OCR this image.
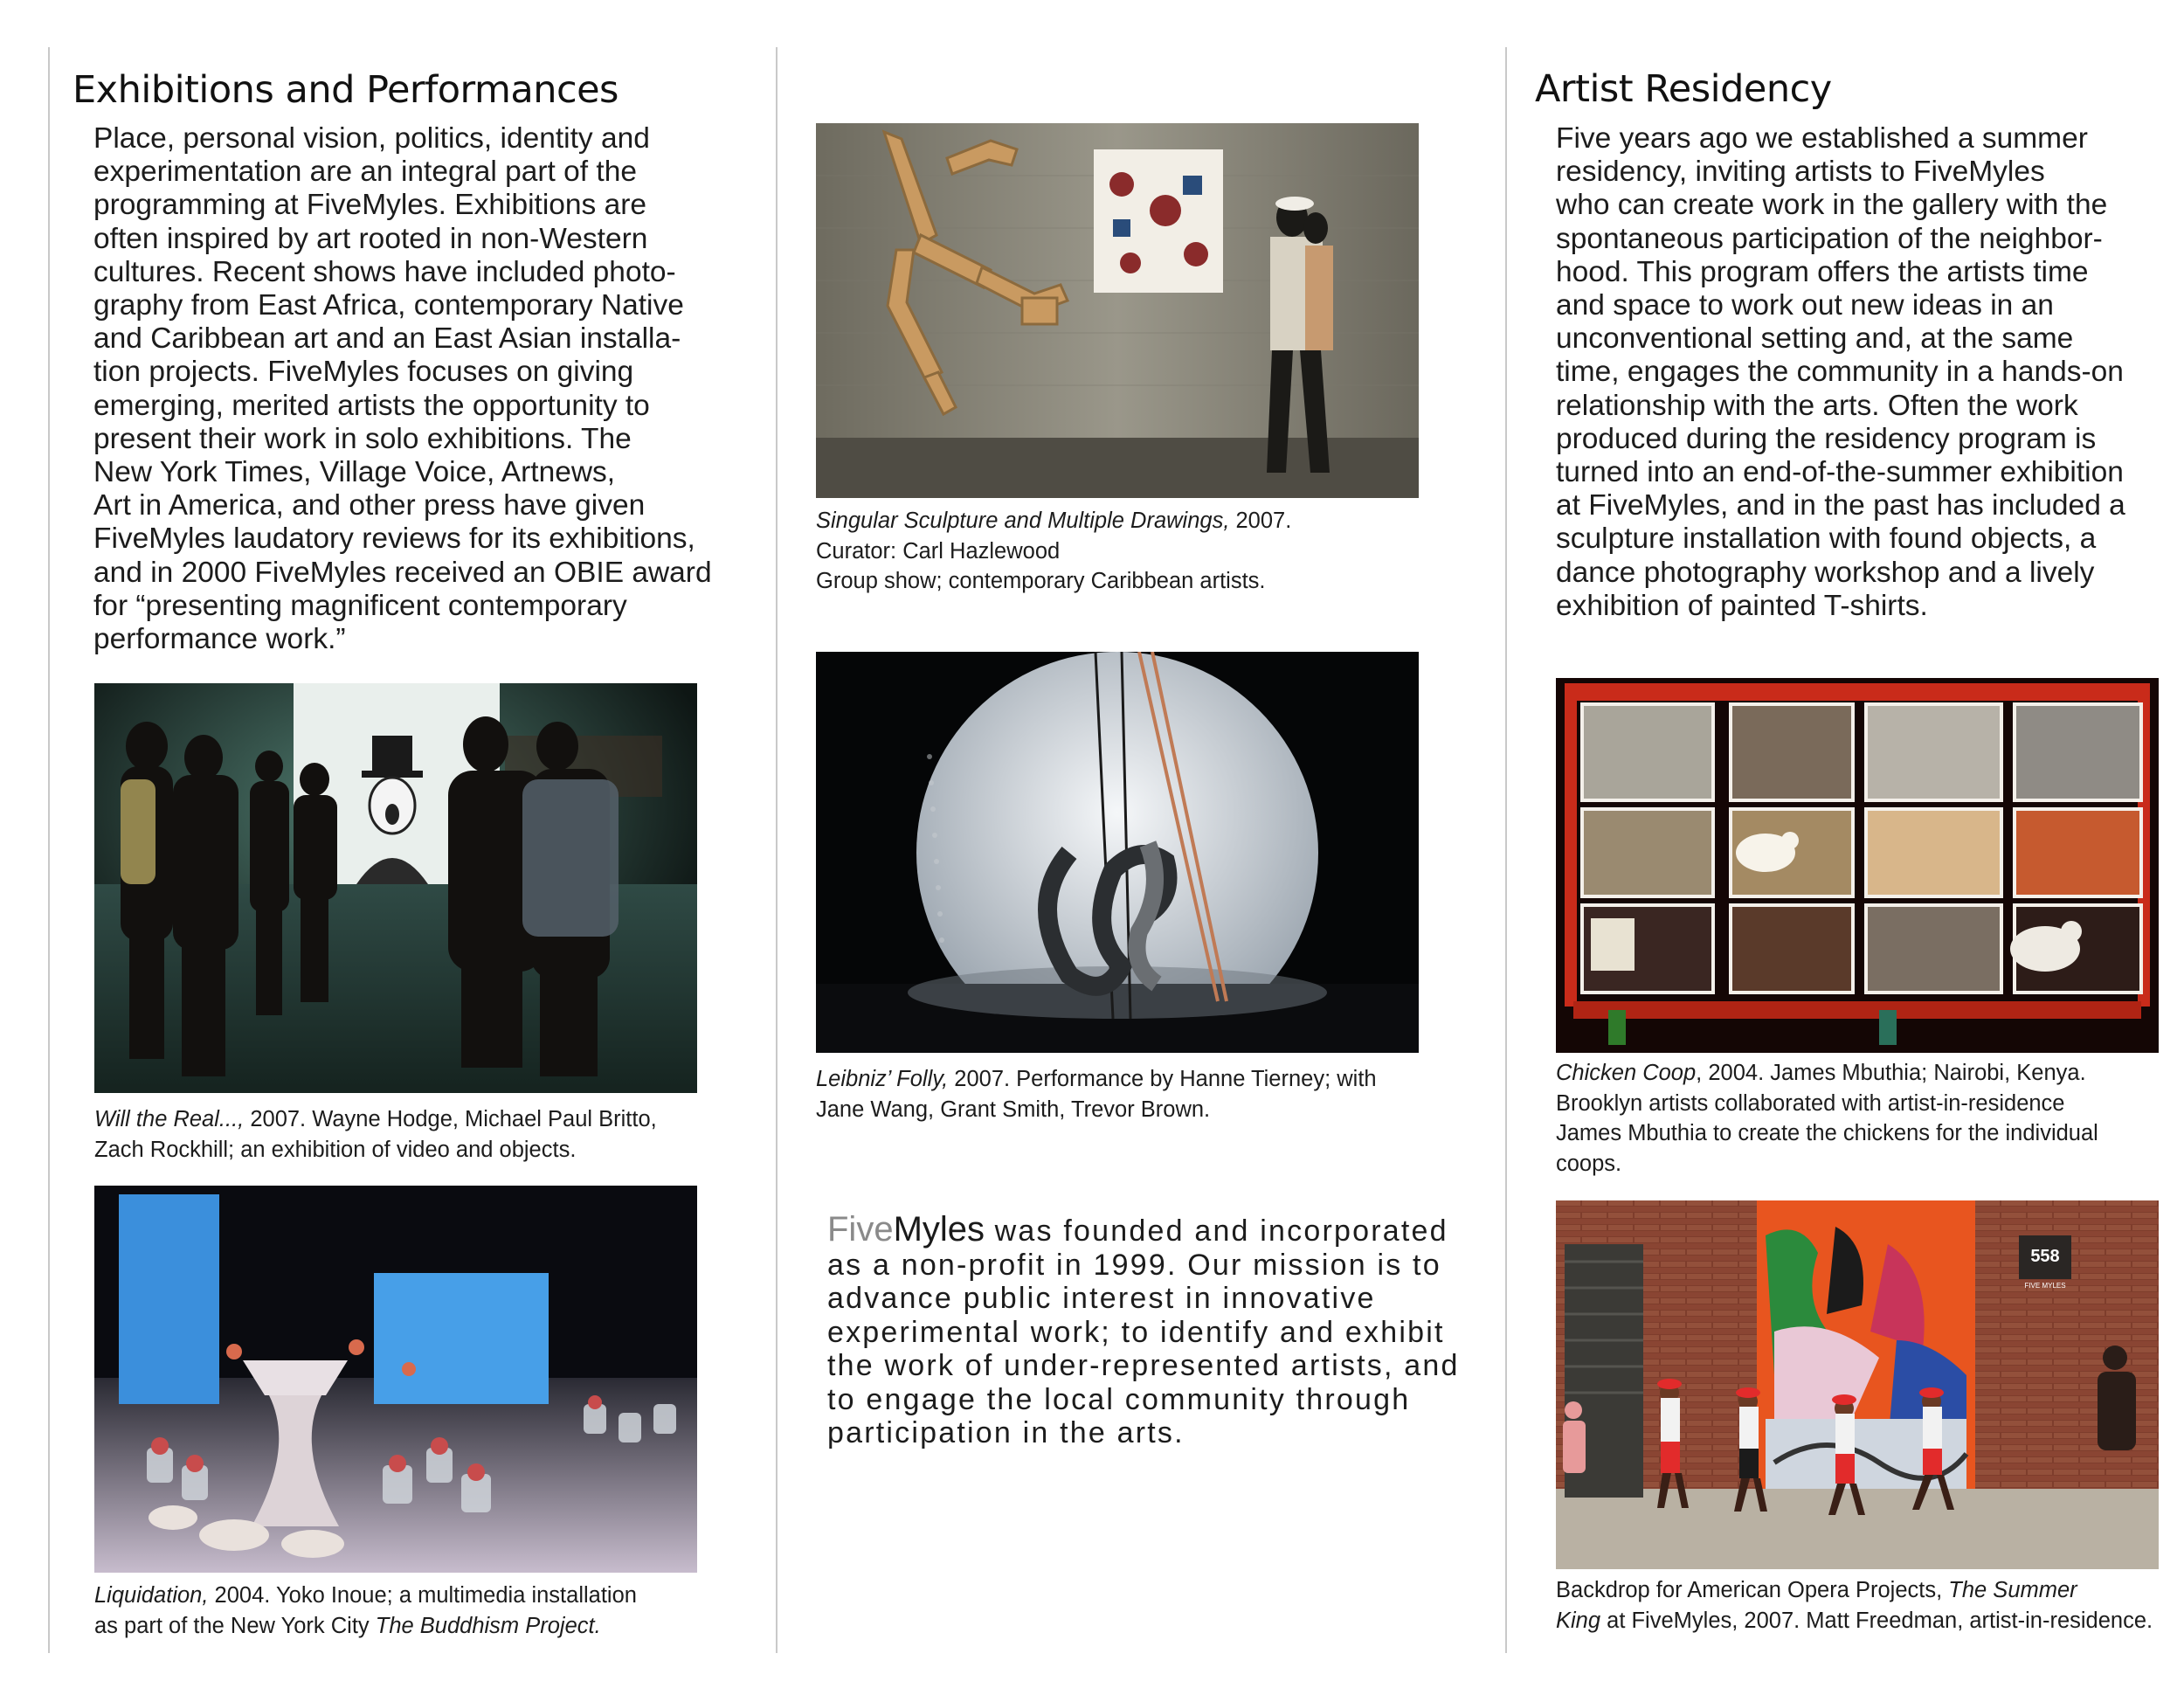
Exhibitions and Performances

Place, personal vision, politics, identity and
experimentation are an integral part of the
programming at FiveMyles. Exhibitions are
often inspired by art rooted in non-Western
cultures. Recent shows have included photo-
graphy from East Africa, contemporary Native
and Caribbean art and an East Asian installa-
tion projects. FiveMyles focuses on giving
emerging, merited artists the opportunity to
present their work in solo exhibitions. The
New York Times, Village Voice, Artnews,
Art in America, and other press have given
FiveMyles laudatory reviews for its exhibitions,
and in 2000 FiveMyles received an OBIE award
for “presenting magnificent contemporary
performance work.”

Will the Real..., 2007. Wayne Hodge, Michael Paul Britto,
Zach Rockhill; an exhibition of video and objects.

Liquidation, 2004. Yoko Inoue; a multimedia installation
as part of the New York City The Buddhism Project.

Singular Sculpture and Multiple Drawings, 2007.
Curator: Carl Hazlewood
Group show; contemporary Caribbean artists.

Leibniz’ Folly, 2007. Performance by Hanne Tierney; with
Jane Wang, Grant Smith, Trevor Brown.

FiveMyles was founded and incorporated
as a non-profit in 1999. Our mission is to
advance public interest in innovative
experimental work; to identify and exhibit
the work of under-represented artists, and
to engage the local community through
participation in the arts.

Artist Residency

Five years ago we established a summer
residency, inviting artists to FiveMyles
who can create work in the gallery with the
spontaneous participation of the neighbor-
hood. This program offers the artists time
and space to work out new ideas in an
unconventional setting and, at the same
time, engages the community in a hands-on
relationship with the arts. Often the work
produced during the residency program is
turned into an end-of-the-summer exhibition
at FiveMyles, and in the past has included a
sculpture installation with found objects, a
dance photography workshop and a lively
exhibition of painted T-shirts.

Chicken Coop, 2004. James Mbuthia; Nairobi, Kenya.
Brooklyn artists collaborated with artist-in-residence
James Mbuthia to create the chickens for the individual
coops.

558
FIVE MYLES

Backdrop for American Opera Projects, The Summer
King at FiveMyles, 2007. Matt Freedman, artist-in-residence.
